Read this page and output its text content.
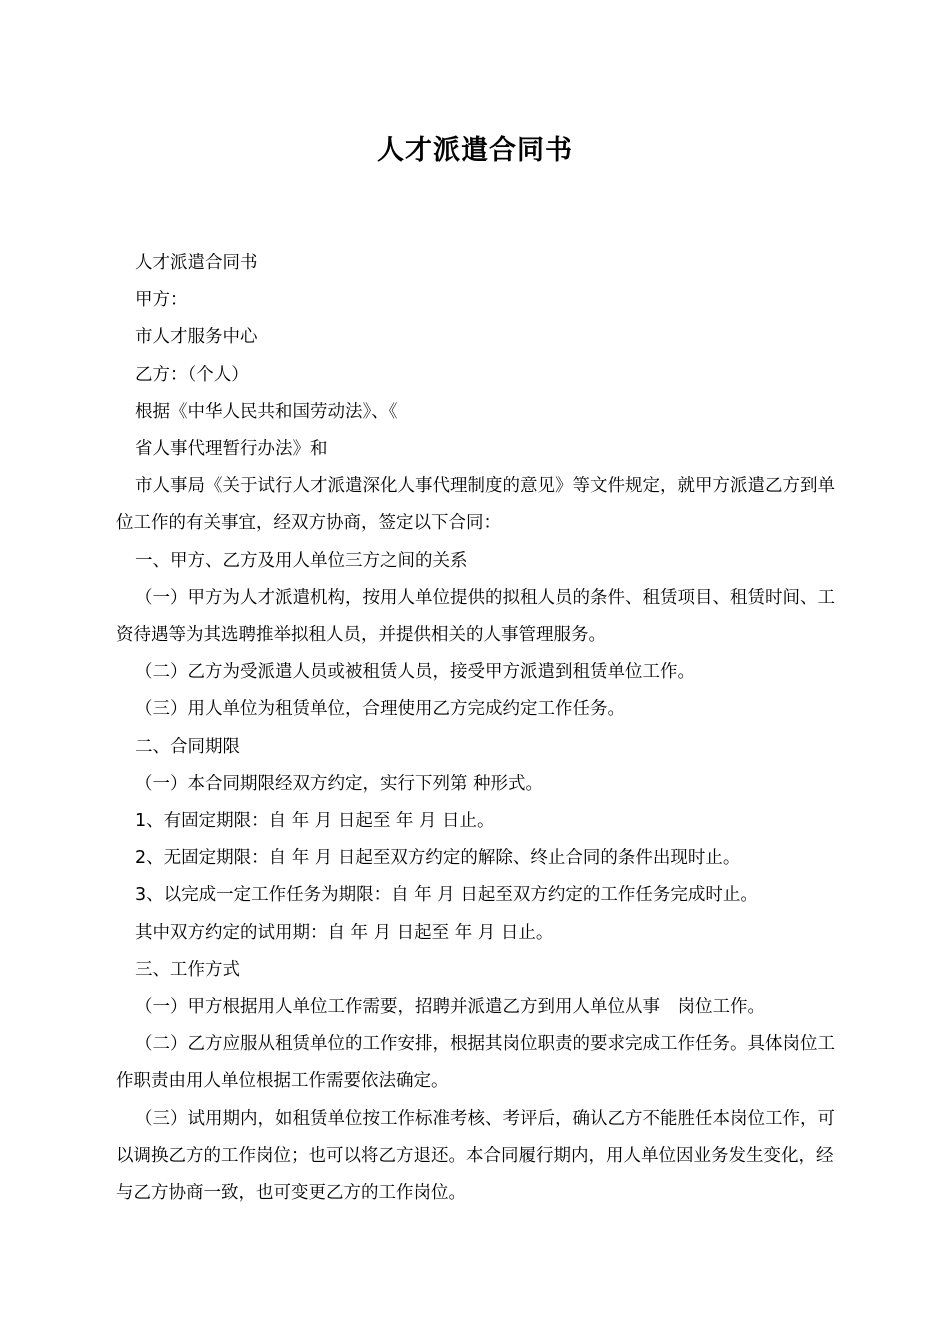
人才派遣合同书

人才派遣合同书

甲方：

市人才服务中心

乙方：（个人）

根据《中华人民共和国劳动法》、《

省人事代理暂行办法》和

市人事局《关于试行人才派遣深化人事代理制度的意见》等文件规定，就甲方派遣乙方到单位工作的有关事宜，经双方协商，签定以下合同：

一、甲方、乙方及用人单位三方之间的关系

（一）甲方为人才派遣机构，按用人单位提供的拟租人员的条件、租赁项目、租赁时间、工资待遇等为其选聘推举拟租人员，并提供相关的人事管理服务。

（二）乙方为受派遣人员或被租赁人员，接受甲方派遣到租赁单位工作。

（三）用人单位为租赁单位，合理使用乙方完成约定工作任务。

二、合同期限

（一）本合同期限经双方约定，实行下列第 种形式。

1、有固定期限：自 年 月 日起至 年 月 日止。

2、无固定期限：自 年 月 日起至双方约定的解除、终止合同的条件出现时止。

3、以完成一定工作任务为期限：自 年 月 日起至双方约定的工作任务完成时止。

其中双方约定的试用期：自 年 月 日起至 年 月 日止。

三、工作方式

（一）甲方根据用人单位工作需要，招聘并派遣乙方到用人单位从事　岗位工作。

（二）乙方应服从租赁单位的工作安排，根据其岗位职责的要求完成工作任务。具体岗位工作职责由用人单位根据工作需要依法确定。

（三）试用期内，如租赁单位按工作标准考核、考评后，确认乙方不能胜任本岗位工作，可以调换乙方的工作岗位；也可以将乙方退还。本合同履行期内，用人单位因业务发生变化，经与乙方协商一致，也可变更乙方的工作岗位。
